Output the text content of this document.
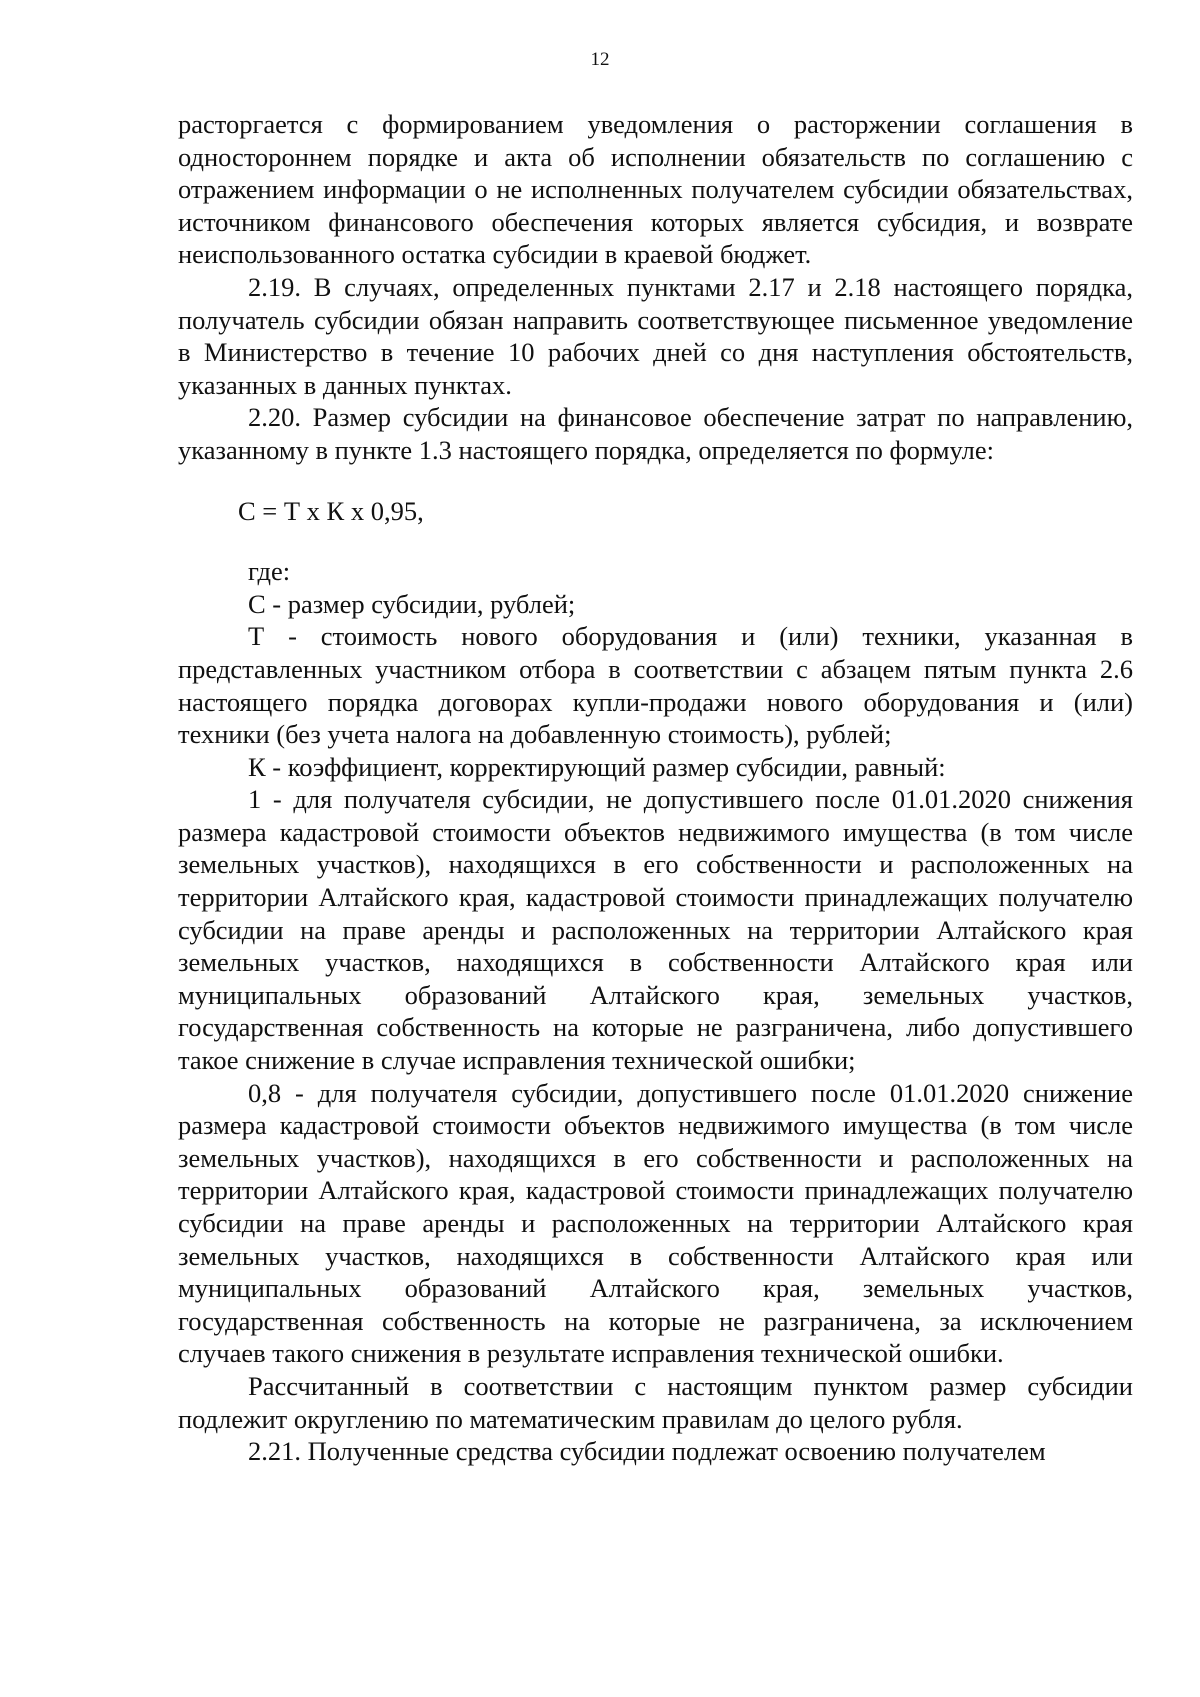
12

расторгается с формированием уведомления о расторжении соглашения в одностороннем порядке и акта об исполнении обязательств по соглашению с отражением информации о не исполненных получателем субсидии обязательствах, источником финансового обеспечения которых является субсидия, и возврате неиспользованного остатка субсидии в краевой бюджет.

2.19. В случаях, определенных пунктами 2.17 и 2.18 настоящего порядка, получатель субсидии обязан направить соответствующее письменное уведомление в Министерство в течение 10 рабочих дней со дня наступления обстоятельств, указанных в данных пунктах.

2.20. Размер субсидии на финансовое обеспечение затрат по направлению, указанному в пункте 1.3 настоящего порядка, определяется по формуле:

С = Т х К х 0,95,

где:

С - размер субсидии, рублей;

Т - стоимость нового оборудования и (или) техники, указанная в представленных участником отбора в соответствии с абзацем пятым пункта 2.6 настоящего порядка договорах купли-продажи нового оборудования и (или) техники (без учета налога на добавленную стоимость), рублей;

К - коэффициент, корректирующий размер субсидии, равный:

1 - для получателя субсидии, не допустившего после 01.01.2020 снижения размера кадастровой стоимости объектов недвижимого имущества (в том числе земельных участков), находящихся в его собственности и расположенных на территории Алтайского края, кадастровой стоимости принадлежащих получателю субсидии на праве аренды и расположенных на территории Алтайского края земельных участков, находящихся в собственности Алтайского края или муниципальных образований Алтайского края, земельных участков, государственная собственность на которые не разграничена, либо допустившего такое снижение в случае исправления технической ошибки;

0,8 - для получателя субсидии, допустившего после 01.01.2020 снижение размера кадастровой стоимости объектов недвижимого имущества (в том числе земельных участков), находящихся в его собственности и расположенных на территории Алтайского края, кадастровой стоимости принадлежащих получателю субсидии на праве аренды и расположенных на территории Алтайского края земельных участков, находящихся в собственности Алтайского края или муниципальных образований Алтайского края, земельных участков, государственная собственность на которые не разграничена, за исключением случаев такого снижения в результате исправления технической ошибки.

Рассчитанный в соответствии с настоящим пунктом размер субсидии подлежит округлению по математическим правилам до целого рубля.

2.21. Полученные средства субсидии подлежат освоению получателем
